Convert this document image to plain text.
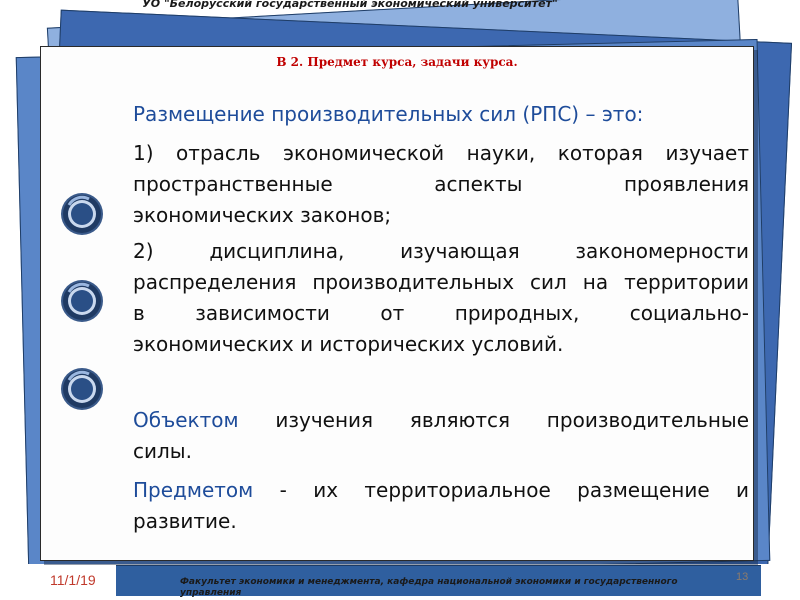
УО "Белорусский государственный экономический университет"

В 2. Предмет курса, задачи курса.

Размещение производительных сил (РПС) – это:

1) отрасль экономической науки, которая изучает
пространственные аспекты проявления
экономических законов;

2) дисциплина, изучающая закономерности
распределения производительных сил на территории
в зависимости от природных, социально-
экономических и исторических условий.

Объектом изучения являются производительные
силы.

Предметом - их территориальное размещение и
развитие.

11/1/19	Факультет экономики и менеджмента, кафедра национальной экономики и государственного управления
13
